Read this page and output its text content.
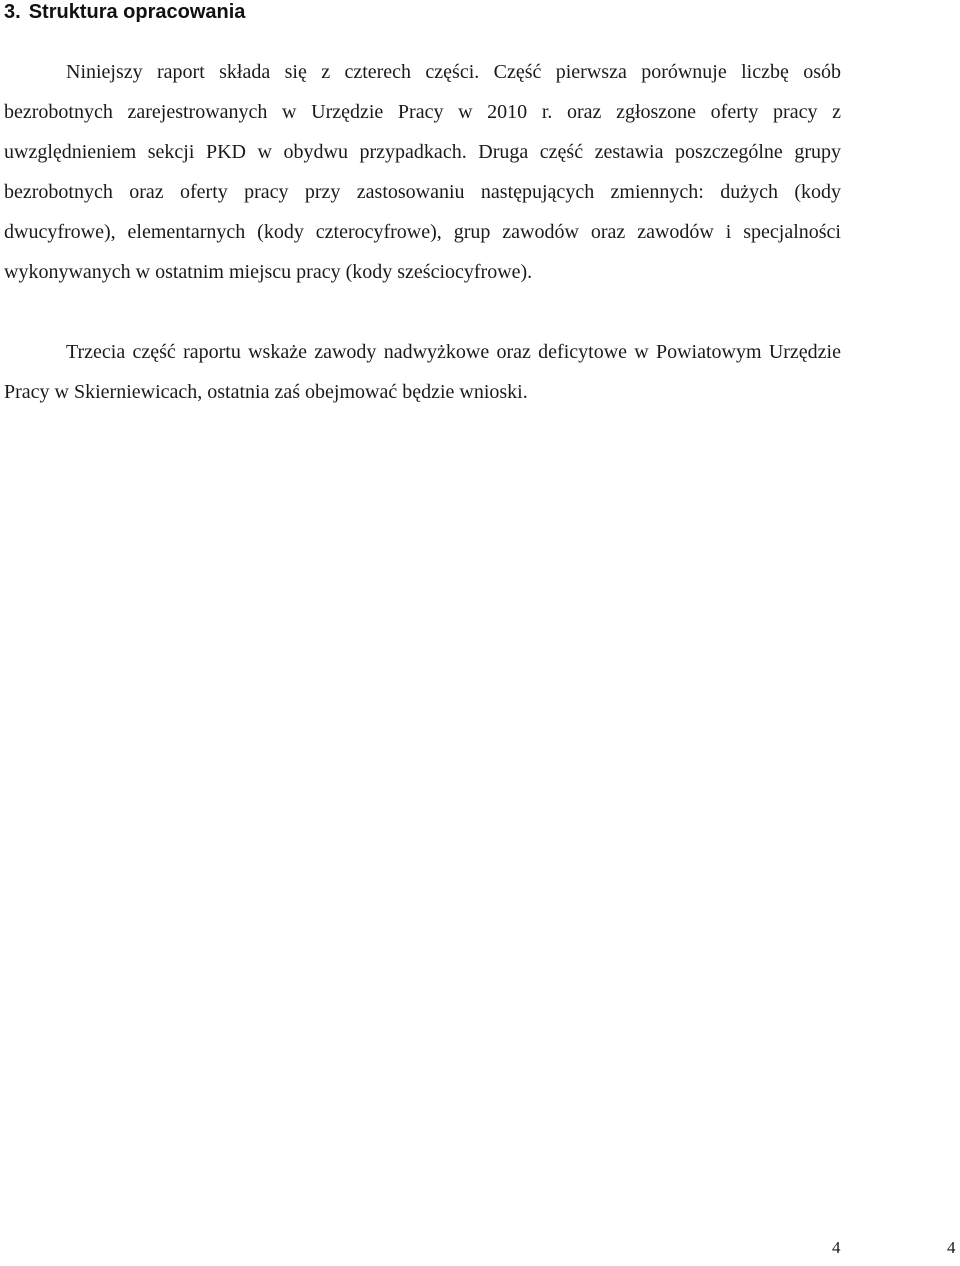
3. Struktura opracowania

Niniejszy raport składa się z czterech części. Część pierwsza porównuje liczbę osób bezrobotnych zarejestrowanych w Urzędzie Pracy w 2010 r. oraz zgłoszone oferty pracy z uwzględnieniem sekcji PKD w obydwu przypadkach. Druga część zestawia poszczególne grupy bezrobotnych oraz oferty pracy przy zastosowaniu następujących zmiennych: dużych (kody dwucyfrowe), elementarnych (kody czterocyfrowe), grup zawodów oraz zawodów i specjalności wykonywanych w ostatnim miejscu pracy (kody sześciocyfrowe).

Trzecia część raportu wskaże zawody nadwyżkowe oraz deficytowe w Powiatowym Urzędzie Pracy w Skierniewicach, ostatnia zaś obejmować będzie wnioski.

4	4
